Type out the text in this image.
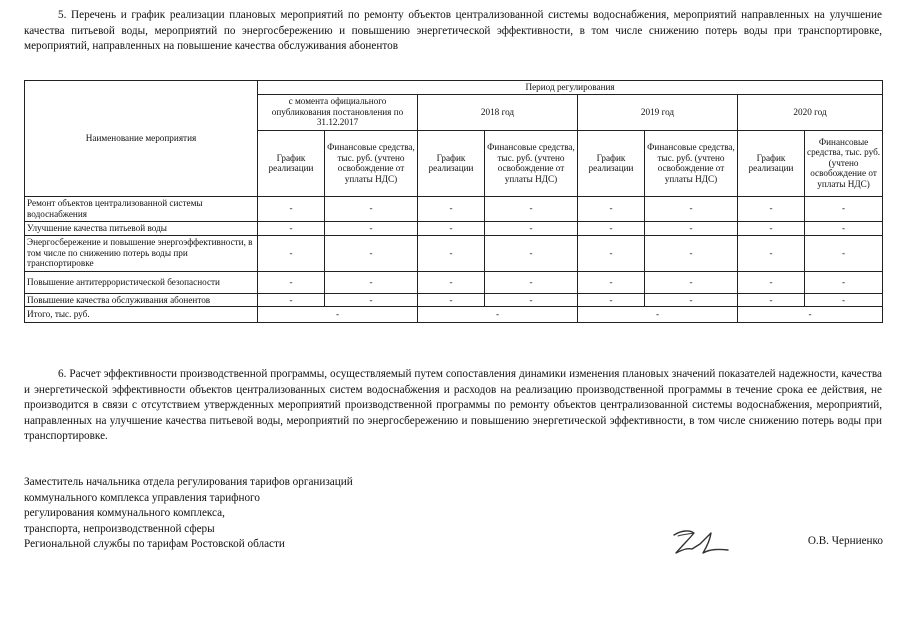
5. Перечень и график реализации плановых мероприятий по ремонту объектов централизованной системы водоснабжения, мероприятий направленных на улучшение качества питьевой воды, мероприятий по энергосбережению и повышению энергетической эффективности, в том числе снижению потерь воды при транспортировке, мероприятий, направленных на повышение качества обслуживания абонентов

Наименование мероприятия	Период регулирования							
	с момента официального опубликования постановления по 31.12.2017		2018 год		2019 год		2020 год	
	График реализации	Финансовые средства, тыс. руб. (учтено освобождение от уплаты НДС)	График реализации	Финансовые средства, тыс. руб. (учтено освобождение от уплаты НДС)	График реализации	Финансовые средства, тыс. руб. (учтено освобождение от уплаты НДС)	График реализации	Финансовые средства, тыс. руб. (учтено освобождение от уплаты НДС)
Ремонт объектов централизованной системы водоснабжения	-	-	-	-	-	-	-	-
Улучшение качества питьевой воды	-	-	-	-	-	-	-	-
Энергосбережение и повышение энергоэффективности, в том числе по снижению потерь воды при транспортировке	-	-	-	-	-	-	-	-
Повышение антитеррористической безопасности	-	-	-	-	-	-	-	-
Повышение качества обслуживания абонентов	-	-	-	-	-	-	-	-
Итого, тыс. руб.	-		-		-		-	

6. Расчет эффективности производственной программы, осуществляемый путем сопоставления динамики изменения плановых значений показателей надежности, качества и энергетической эффективности объектов централизованных систем водоснабжения и расходов на реализацию производственной программы в течение срока ее действия, не производится в связи с отсутствием утвержденных мероприятий производственной программы по ремонту объектов централизованной системы водоснабжения, мероприятий, направленных на улучшение качества питьевой воды, мероприятий по энергосбережению и повышению энергетической эффективности, в том числе снижению потерь воды при транспортировке.

Заместитель начальника отдела регулирования тарифов организаций
коммунального комплекса управления тарифного
регулирования коммунального комплекса,
транспорта, непроизводственной сферы
Региональной службы по тарифам Ростовской области	О.В. Черниенко
